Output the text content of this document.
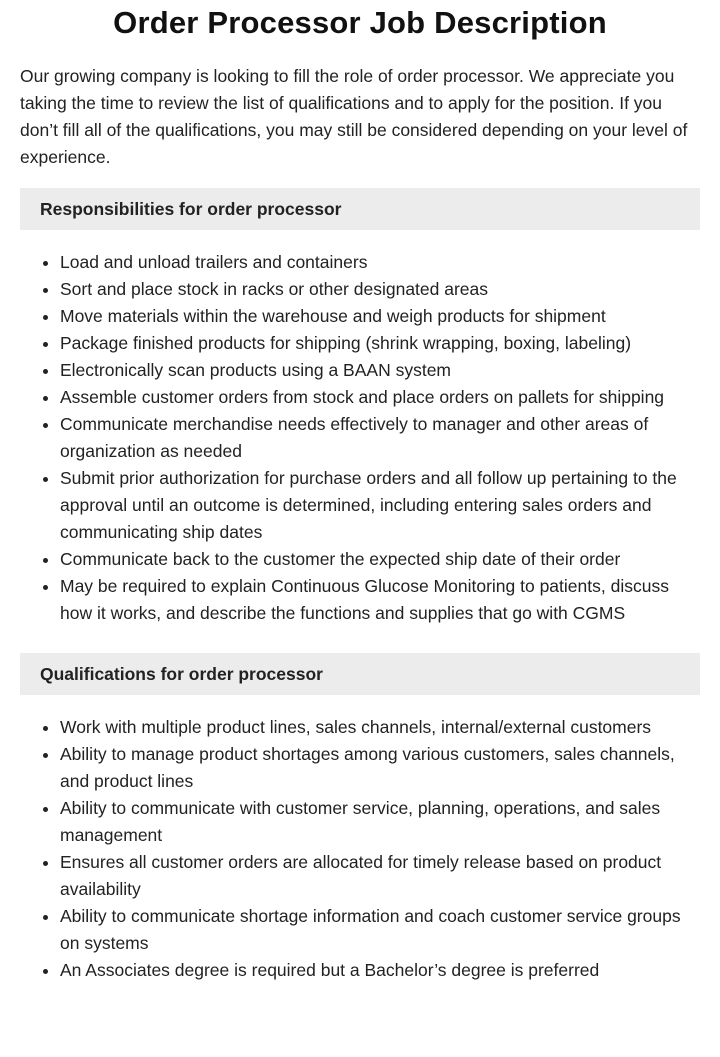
Order Processor Job Description

Our growing company is looking to fill the role of order processor. We appreciate you taking the time to review the list of qualifications and to apply for the position. If you don’t fill all of the qualifications, you may still be considered depending on your level of experience.

Responsibilities for order processor
• Load and unload trailers and containers
• Sort and place stock in racks or other designated areas
• Move materials within the warehouse and weigh products for shipment
• Package finished products for shipping (shrink wrapping, boxing, labeling)
• Electronically scan products using a BAAN system
• Assemble customer orders from stock and place orders on pallets for shipping
• Communicate merchandise needs effectively to manager and other areas of organization as needed
• Submit prior authorization for purchase orders and all follow up pertaining to the approval until an outcome is determined, including entering sales orders and communicating ship dates
• Communicate back to the customer the expected ship date of their order
• May be required to explain Continuous Glucose Monitoring to patients, discuss how it works, and describe the functions and supplies that go with CGMS
Qualifications for order processor
• Work with multiple product lines, sales channels, internal/external customers
• Ability to manage product shortages among various customers, sales channels, and product lines
• Ability to communicate with customer service, planning, operations, and sales management
• Ensures all customer orders are allocated for timely release based on product availability
• Ability to communicate shortage information and coach customer service groups on systems
• An Associates degree is required but a Bachelor’s degree is preferred
